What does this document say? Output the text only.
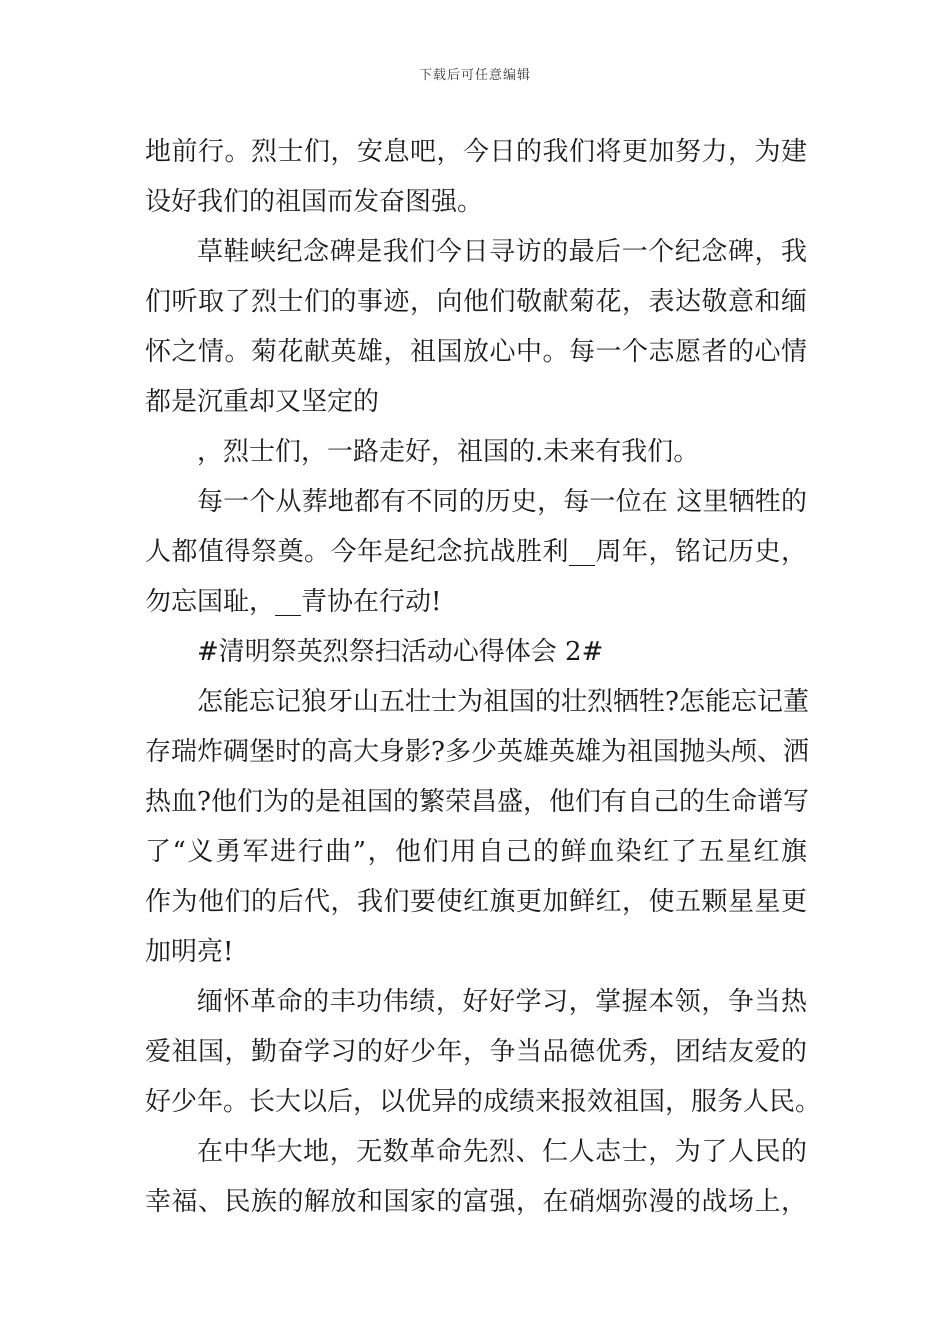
下载后可任意编辑
地前行。烈士们，安息吧，今日的我们将更加努力，为建
设好我们的祖国而发奋图强。
草鞋峡纪念碑是我们今日寻访的最后一个纪念碑，我
们听取了烈士们的事迹，向他们敬献菊花，表达敬意和缅
怀之情。菊花献英雄，祖国放心中。每一个志愿者的心情
都是沉重却又坚定的
，烈士们，一路走好，祖国的.未来有我们。
每一个从葬地都有不同的历史，每一位在 这里牺牲的
人都值得祭奠。今年是纪念抗战胜利__周年，铭记历史，
勿忘国耻，__青协在行动!
#清明祭英烈祭扫活动心得体会 2#
怎能忘记狼牙山五壮士为祖国的壮烈牺牲?怎能忘记董
存瑞炸碉堡时的高大身影?多少英雄英雄为祖国抛头颅、洒
热血?他们为的是祖国的繁荣昌盛，他们有自己的生命谱写
了“义勇军进行曲”，他们用自己的鲜血染红了五星红旗
作为他们的后代，我们要使红旗更加鲜红，使五颗星星更
加明亮!
缅怀革命的丰功伟绩，好好学习，掌握本领，争当热
爱祖国，勤奋学习的好少年，争当品德优秀，团结友爱的
好少年。长大以后，以优异的成绩来报效祖国，服务人民。
在中华大地，无数革命先烈、仁人志士，为了人民的
幸福、民族的解放和国家的富强，在硝烟弥漫的战场上，
